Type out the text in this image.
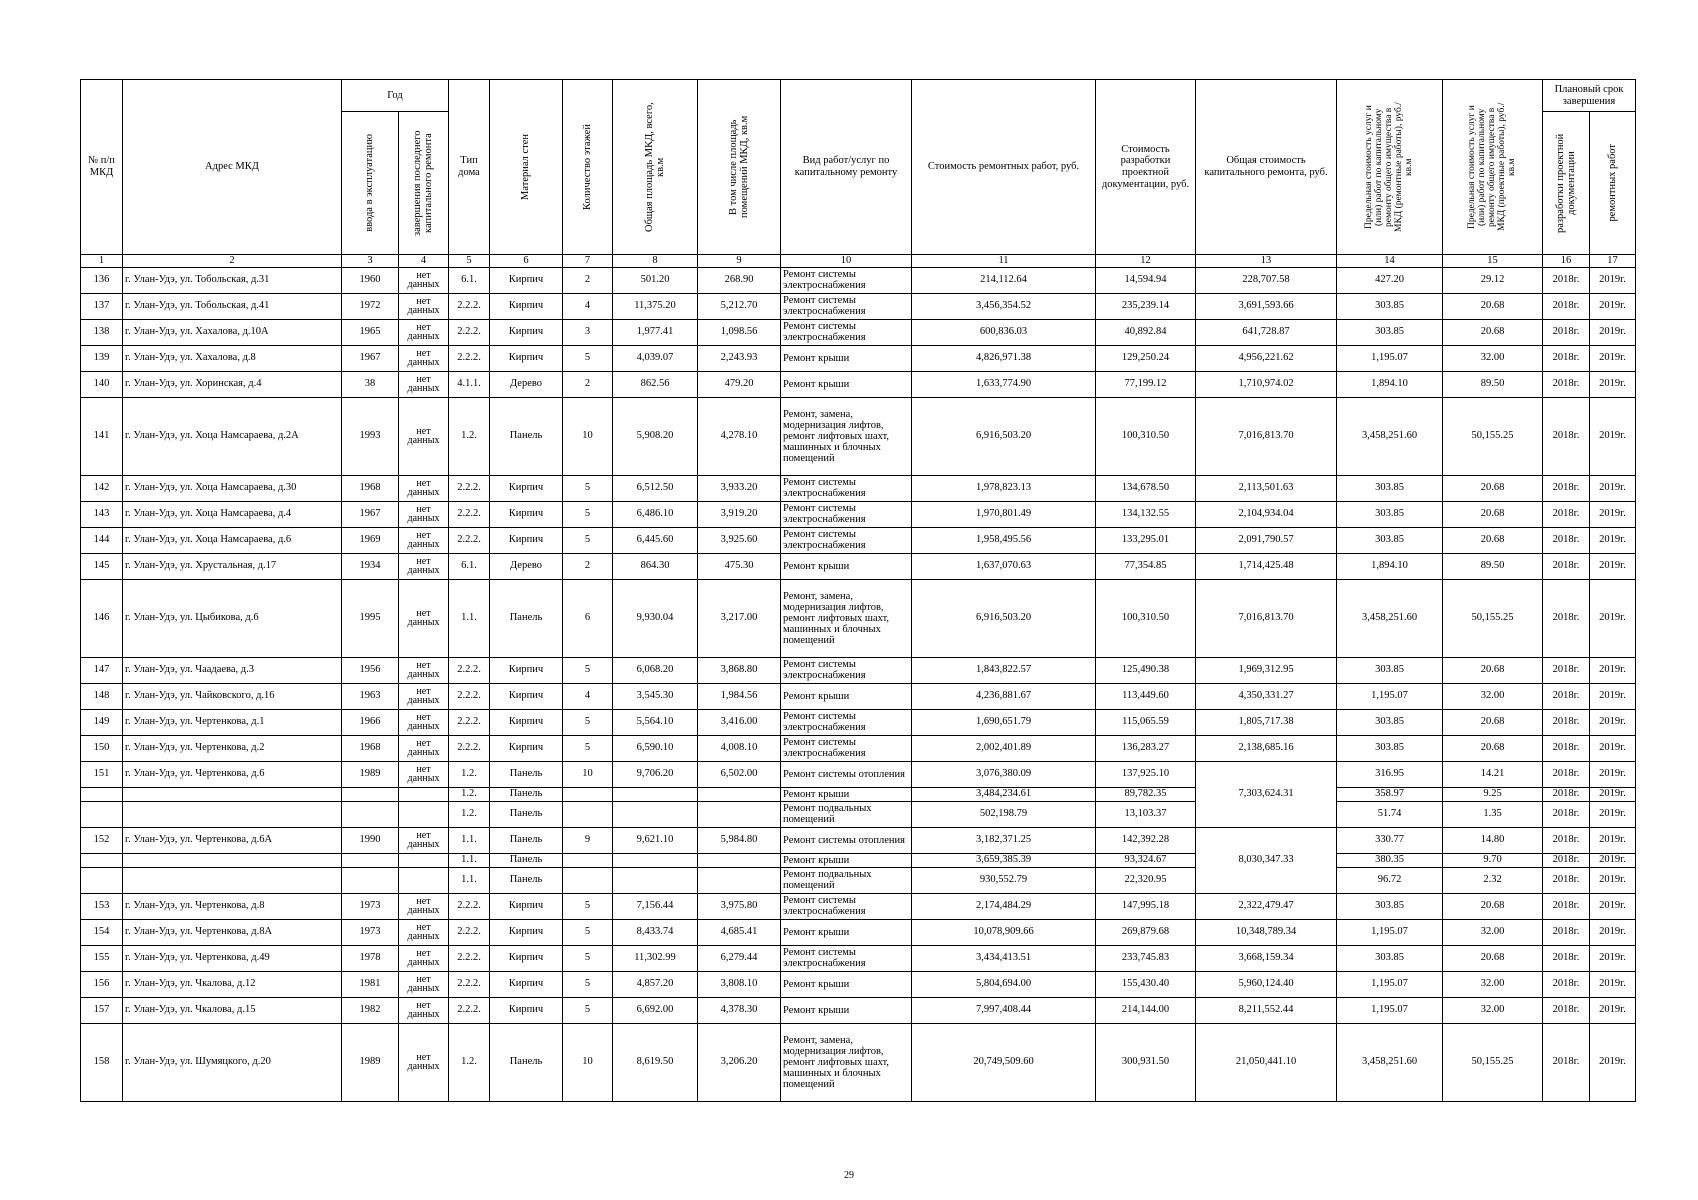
№ п/п МКД	Адрес МКД	Год		Тип дома	Материал стен	Количество этажей	Общая площадь МКД, всего, кв.м	В том числе площадь помещений МКД, кв.м	Вид работ/услуг по капитальному ремонту	Стоимость ремонтных работ, руб.	Стоимость разработки проектной документации, руб.	Общая стоимость капитального ремонта, руб.	Предельная стоимость услуг и (или) работ по капитальному ремонту общего имущества в МКД (ремонтные работы), руб./кв.м	Предельная стоимость услуг и (или) работ по капитальному ремонту общего имущества в МКД (проектные работы), руб./кв.м	Плановый срок завершения	

		ввода в эксплуатацию	завершения последнего капитального ремонта												разработки проектной документации	ремонтных работ

1	2	3	4	5	6	7	8	9	10	11	12	13	14	15	16	17
136	г. Улан-Удэ, ул. Тобольская, д.31	1960	нет данных	6.1.	Кирпич	2	501.20	268.90	Ремонт системы электроснабжения	214,112.64	14,594.94	228,707.58	427.20	29.12	2018г.	2019г.
137	г. Улан-Удэ, ул. Тобольская, д.41	1972	нет данных	2.2.2.	Кирпич	4	11,375.20	5,212.70	Ремонт системы электроснабжения	3,456,354.52	235,239.14	3,691,593.66	303.85	20.68	2018г.	2019г.
138	г. Улан-Удэ, ул. Хахалова, д.10А	1965	нет данных	2.2.2.	Кирпич	3	1,977.41	1,098.56	Ремонт системы электроснабжения	600,836.03	40,892.84	641,728.87	303.85	20.68	2018г.	2019г.
139	г. Улан-Удэ, ул. Хахалова, д.8	1967	нет данных	2.2.2.	Кирпич	5	4,039.07	2,243.93	Ремонт крыши	4,826,971.38	129,250.24	4,956,221.62	1,195.07	32.00	2018г.	2019г.
140	г. Улан-Удэ, ул. Хоринская, д.4	38	нет данных	4.1.1.	Дерево	2	862.56	479.20	Ремонт крыши	1,633,774.90	77,199.12	1,710,974.02	1,894.10	89.50	2018г.	2019г.
141	г. Улан-Удэ, ул. Хоца Намсараева, д.2А	1993	нет данных	1.2.	Панель	10	5,908.20	4,278.10	Ремонт, замена, модернизация лифтов, ремонт лифтовых шахт, машинных и блочных помещений	6,916,503.20	100,310.50	7,016,813.70	3,458,251.60	50,155.25	2018г.	2019г.
142	г. Улан-Удэ, ул. Хоца Намсараева, д.30	1968	нет данных	2.2.2.	Кирпич	5	6,512.50	3,933.20	Ремонт системы электроснабжения	1,978,823.13	134,678.50	2,113,501.63	303.85	20.68	2018г.	2019г.
143	г. Улан-Удэ, ул. Хоца Намсараева, д.4	1967	нет данных	2.2.2.	Кирпич	5	6,486.10	3,919.20	Ремонт системы электроснабжения	1,970,801.49	134,132.55	2,104,934.04	303.85	20.68	2018г.	2019г.
144	г. Улан-Удэ, ул. Хоца Намсараева, д.6	1969	нет данных	2.2.2.	Кирпич	5	6,445.60	3,925.60	Ремонт системы электроснабжения	1,958,495.56	133,295.01	2,091,790.57	303.85	20.68	2018г.	2019г.
145	г. Улан-Удэ, ул. Хрустальная, д.17	1934	нет данных	6.1.	Дерево	2	864.30	475.30	Ремонт крыши	1,637,070.63	77,354.85	1,714,425.48	1,894.10	89.50	2018г.	2019г.
146	г. Улан-Удэ, ул. Цыбикова, д.6	1995	нет данных	1.1.	Панель	6	9,930.04	3,217.00	Ремонт, замена, модернизация лифтов, ремонт лифтовых шахт, машинных и блочных помещений	6,916,503.20	100,310.50	7,016,813.70	3,458,251.60	50,155.25	2018г.	2019г.
147	г. Улан-Удэ, ул. Чаадаева, д.3	1956	нет данных	2.2.2.	Кирпич	5	6,068.20	3,868.80	Ремонт системы электроснабжения	1,843,822.57	125,490.38	1,969,312.95	303.85	20.68	2018г.	2019г.
148	г. Улан-Удэ, ул. Чайковского, д.16	1963	нет данных	2.2.2.	Кирпич	4	3,545.30	1,984.56	Ремонт крыши	4,236,881.67	113,449.60	4,350,331.27	1,195.07	32.00	2018г.	2019г.
149	г. Улан-Удэ, ул. Чертенкова, д.1	1966	нет данных	2.2.2.	Кирпич	5	5,564.10	3,416.00	Ремонт системы электроснабжения	1,690,651.79	115,065.59	1,805,717.38	303.85	20.68	2018г.	2019г.
150	г. Улан-Удэ, ул. Чертенкова, д.2	1968	нет данных	2.2.2.	Кирпич	5	6,590.10	4,008.10	Ремонт системы электроснабжения	2,002,401.89	136,283.27	2,138,685.16	303.85	20.68	2018г.	2019г.
151	г. Улан-Удэ, ул. Чертенкова, д.6	1989	нет данных	1.2.	Панель	10	9,706.20	6,502.00	Ремонт системы отопления	3,076,380.09	137,925.10	7,303,624.31	316.95	14.21	2018г.	2019г.
				1.2.	Панель				Ремонт крыши	3,484,234.61	89,782.35		358.97	9.25	2018г.	2019г.
				1.2.	Панель				Ремонт подвальных помещений	502,198.79	13,103.37		51.74	1.35	2018г.	2019г.
152	г. Улан-Удэ, ул. Чертенкова, д.6А	1990	нет данных	1.1.	Панель	9	9,621.10	5,984.80	Ремонт системы отопления	3,182,371.25	142,392.28	8,030,347.33	330.77	14.80	2018г.	2019г.
				1.1.	Панель				Ремонт крыши	3,659,385.39	93,324.67		380.35	9.70	2018г.	2019г.
				1.1.	Панель				Ремонт подвальных помещений	930,552.79	22,320.95		96.72	2.32	2018г.	2019г.
153	г. Улан-Удэ, ул. Чертенкова, д.8	1973	нет данных	2.2.2.	Кирпич	5	7,156.44	3,975.80	Ремонт системы электроснабжения	2,174,484.29	147,995.18	2,322,479.47	303.85	20.68	2018г.	2019г.
154	г. Улан-Удэ, ул. Чертенкова, д.8А	1973	нет данных	2.2.2.	Кирпич	5	8,433.74	4,685.41	Ремонт крыши	10,078,909.66	269,879.68	10,348,789.34	1,195.07	32.00	2018г.	2019г.
155	г. Улан-Удэ, ул. Чертенкова, д.49	1978	нет данных	2.2.2.	Кирпич	5	11,302.99	6,279.44	Ремонт системы электроснабжения	3,434,413.51	233,745.83	3,668,159.34	303.85	20.68	2018г.	2019г.
156	г. Улан-Удэ, ул. Чкалова, д.12	1981	нет данных	2.2.2.	Кирпич	5	4,857.20	3,808.10	Ремонт крыши	5,804,694.00	155,430.40	5,960,124.40	1,195.07	32.00	2018г.	2019г.
157	г. Улан-Удэ, ул. Чкалова, д.15	1982	нет данных	2.2.2.	Кирпич	5	6,692.00	4,378.30	Ремонт крыши	7,997,408.44	214,144.00	8,211,552.44	1,195.07	32.00	2018г.	2019г.
158	г. Улан-Удэ, ул. Шумяцкого, д.20	1989	нет данных	1.2.	Панель	10	8,619.50	3,206.20	Ремонт, замена, модернизация лифтов, ремонт лифтовых шахт, машинных и блочных помещений	20,749,509.60	300,931.50	21,050,441.10	3,458,251.60	50,155.25	2018г.	2019г.
29
